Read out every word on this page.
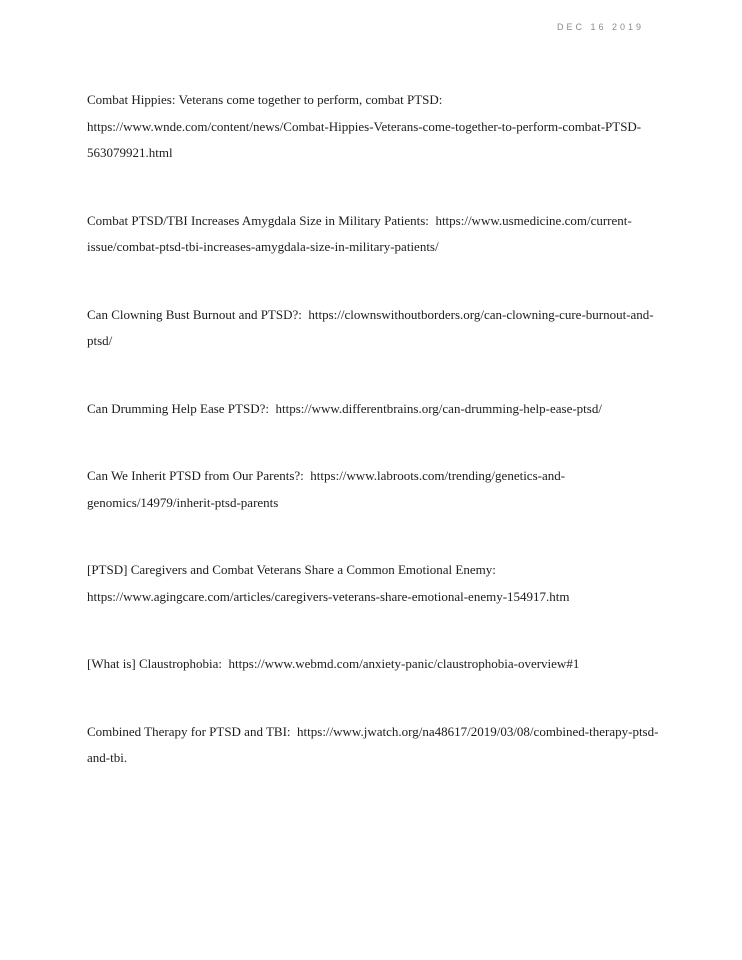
DEC 16 2019
Combat Hippies: Veterans come together to perform, combat PTSD:  https://www.wnde.com/content/news/Combat-Hippies-Veterans-come-together-to-perform-combat-PTSD-563079921.html
Combat PTSD/TBI Increases Amygdala Size in Military Patients: https://www.usmedicine.com/current-issue/combat-ptsd-tbi-increases-amygdala-size-in-military-patients/
Can Clowning Bust Burnout and PTSD?: https://clownswithoutborders.org/can-clowning-cure-burnout-and-ptsd/
Can Drumming Help Ease PTSD?: https://www.differentbrains.org/can-drumming-help-ease-ptsd/
Can We Inherit PTSD from Our Parents?: https://www.labroots.com/trending/genetics-and-genomics/14979/inherit-ptsd-parents
[PTSD] Caregivers and Combat Veterans Share a Common Emotional Enemy:  https://www.agingcare.com/articles/caregivers-veterans-share-emotional-enemy-154917.htm
[What is] Claustrophobia: https://www.webmd.com/anxiety-panic/claustrophobia-overview#1
Combined Therapy for PTSD and TBI: https://www.jwatch.org/na48617/2019/03/08/combined-therapy-ptsd-and-tbi.
